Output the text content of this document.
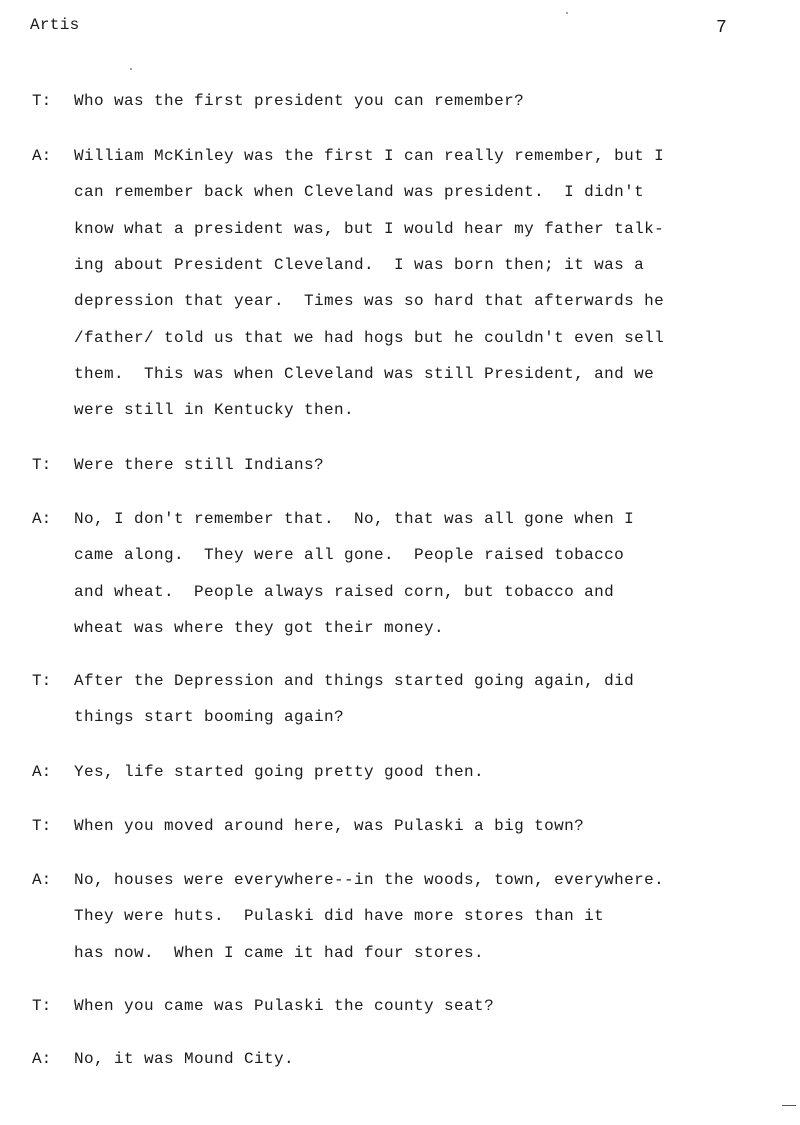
Artis	7
T: Who was the first president you can remember?
A: William McKinley was the first I can really remember, but I
can remember back when Cleveland was president.  I didn't
know what a president was, but I would hear my father talk-
ing about President Cleveland.  I was born then; it was a
depression that year.  Times was so hard that afterwards he
/father/ told us that we had hogs but he couldn't even sell
them.  This was when Cleveland was still President, and we
were still in Kentucky then.
T: Were there still Indians?
A: No, I don't remember that.  No, that was all gone when I
came along.  They were all gone.  People raised tobacco
and wheat.  People always raised corn, but tobacco and
wheat was where they got their money.
T: After the Depression and things started going again, did
things start booming again?
A: Yes, life started going pretty good then.
T: When you moved around here, was Pulaski a big town?
A: No, houses were everywhere--in the woods, town, everywhere.
They were huts.  Pulaski did have more stores than it
has now.  When I came it had four stores.
T: When you came was Pulaski the county seat?
A: No, it was Mound City.
